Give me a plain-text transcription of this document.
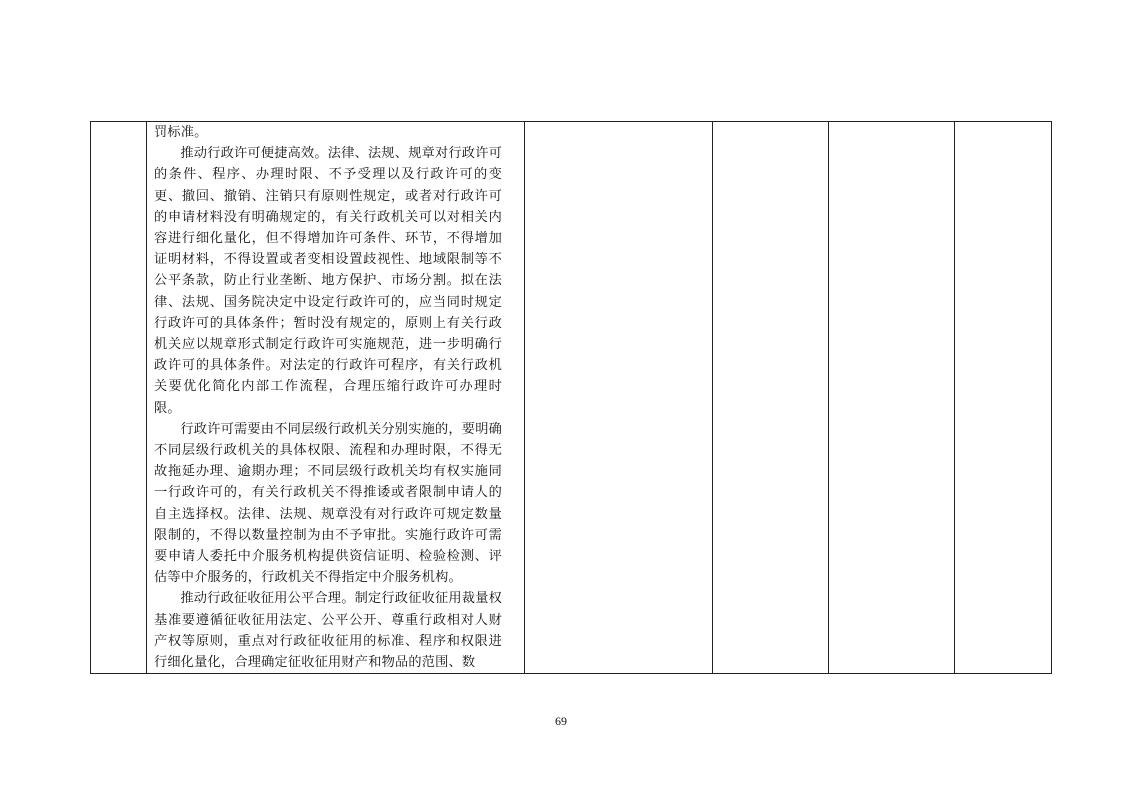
罚标准。

推动行政许可便捷高效。法律、法规、规章对行政许可的条件、程序、办理时限、不予受理以及行政许可的变更、撤回、撤销、注销只有原则性规定，或者对行政许可的申请材料没有明确规定的，有关行政机关可以对相关内容进行细化量化，但不得增加许可条件、环节，不得增加证明材料，不得设置或者变相设置歧视性、地域限制等不公平条款，防止行业垄断、地方保护、市场分割。拟在法律、法规、国务院决定中设定行政许可的，应当同时规定行政许可的具体条件；暂时没有规定的，原则上有关行政机关应以规章形式制定行政许可实施规范，进一步明确行政许可的具体条件。对法定的行政许可程序，有关行政机关要优化简化内部工作流程，合理压缩行政许可办理时限。

行政许可需要由不同层级行政机关分别实施的，要明确不同层级行政机关的具体权限、流程和办理时限，不得无故拖延办理、逾期办理；不同层级行政机关均有权实施同一行政许可的，有关行政机关不得推诿或者限制申请人的自主选择权。法律、法规、规章没有对行政许可规定数量限制的，不得以数量控制为由不予审批。实施行政许可需要申请人委托中介服务机构提供资信证明、检验检测、评估等中介服务的，行政机关不得指定中介服务机构。

推动行政征收征用公平合理。制定行政征收征用裁量权基准要遵循征收征用法定、公平公开、尊重行政相对人财产权等原则，重点对行政征收征用的标准、程序和权限进行细化量化，合理确定征收征用财产和物品的范围、数

69
